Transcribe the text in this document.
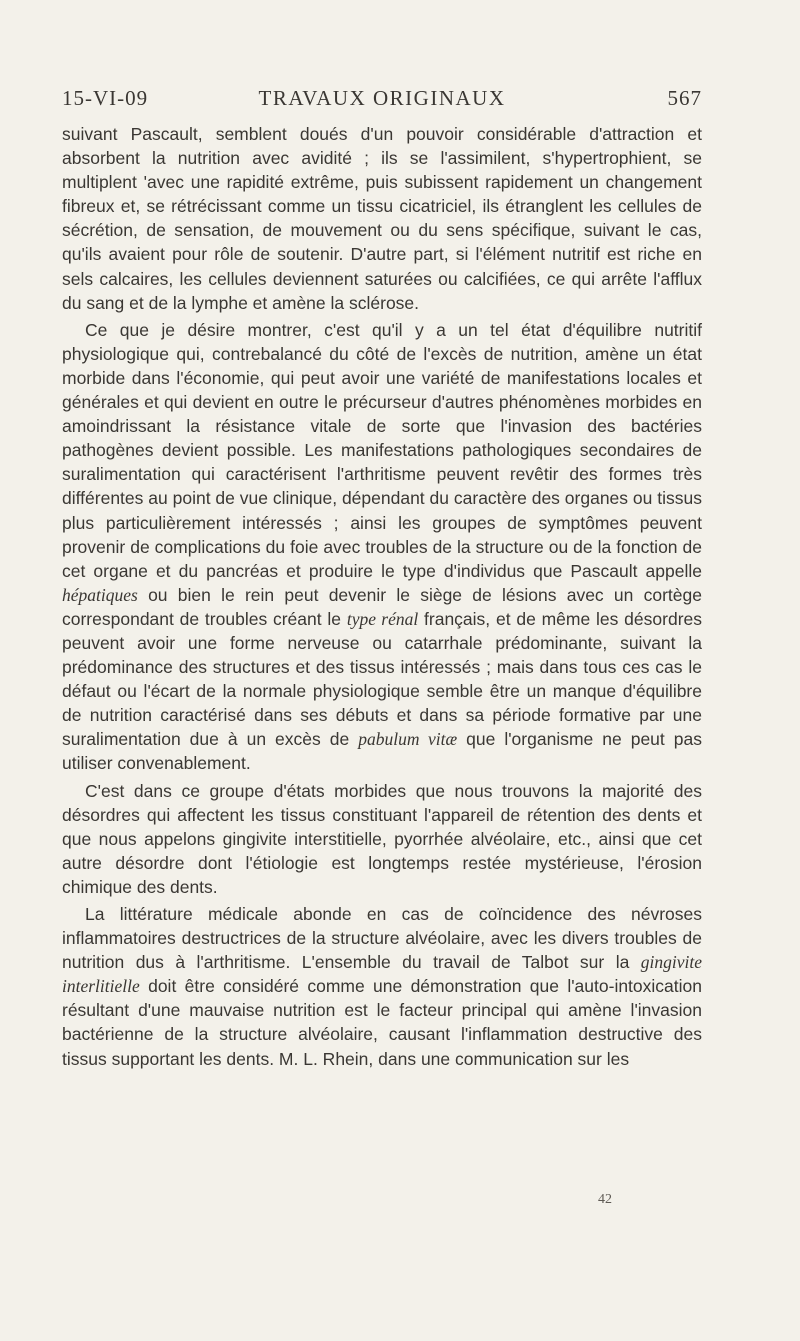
15-VI-09	TRAVAUX ORIGINAUX	567

suivant Pascault, semblent doués d'un pouvoir considérable d'attraction et absorbent la nutrition avec avidité ; ils se l'assimilent, s'hypertrophient, se multiplent 'avec une rapidité extrême, puis subissent rapidement un changement fibreux et, se rétrécissant comme un tissu cicatriciel, ils étranglent les cellules de sécrétion, de sensation, de mouvement ou du sens spécifique, suivant le cas, qu'ils avaient pour rôle de soutenir. D'autre part, si l'élément nutritif est riche en sels calcaires, les cellules deviennent saturées ou calcifiées, ce qui arrête l'afflux du sang et de la lymphe et amène la sclérose.

Ce que je désire montrer, c'est qu'il y a un tel état d'équilibre nutritif physiologique qui, contrebalancé du côté de l'excès de nutrition, amène un état morbide dans l'économie, qui peut avoir une variété de manifestations locales et générales et qui devient en outre le précurseur d'autres phénomènes morbides en amoindrissant la résistance vitale de sorte que l'invasion des bactéries pathogènes devient possible. Les manifestations pathologiques secondaires de suralimentation qui caractérisent l'arthritisme peuvent revêtir des formes très différentes au point de vue clinique, dépendant du caractère des organes ou tissus plus particulièrement intéressés ; ainsi les groupes de symptômes peuvent provenir de complications du foie avec troubles de la structure ou de la fonction de cet organe et du pancréas et produire le type d'individus que Pascault appelle hépatiques ou bien le rein peut devenir le siège de lésions avec un cortège correspondant de troubles créant le type rénal français, et de même les désordres peuvent avoir une forme nerveuse ou catarrhale prédominante, suivant la prédominance des structures et des tissus intéressés ; mais dans tous ces cas le défaut ou l'écart de la normale physiologique semble être un manque d'équilibre de nutrition caractérisé dans ses débuts et dans sa période formative par une suralimentation due à un excès de pabulum vitæ que l'organisme ne peut pas utiliser convenablement.

C'est dans ce groupe d'états morbides que nous trouvons la majorité des désordres qui affectent les tissus constituant l'appareil de rétention des dents et que nous appelons gingivite interstitielle, pyorrhée alvéolaire, etc., ainsi que cet autre désordre dont l'étiologie est longtemps restée mystérieuse, l'érosion chimique des dents.

La littérature médicale abonde en cas de coïncidence des névroses inflammatoires destructrices de la structure alvéolaire, avec les divers troubles de nutrition dus à l'arthritisme. L'ensemble du travail de Talbot sur la gingivite interlitielle doit être considéré comme une démonstration que l'auto-intoxication résultant d'une mauvaise nutrition est le facteur principal qui amène l'invasion bactérienne de la structure alvéolaire, causant l'inflammation destructive des tissus supportant les dents. M. L. Rhein, dans une communication sur les

42
